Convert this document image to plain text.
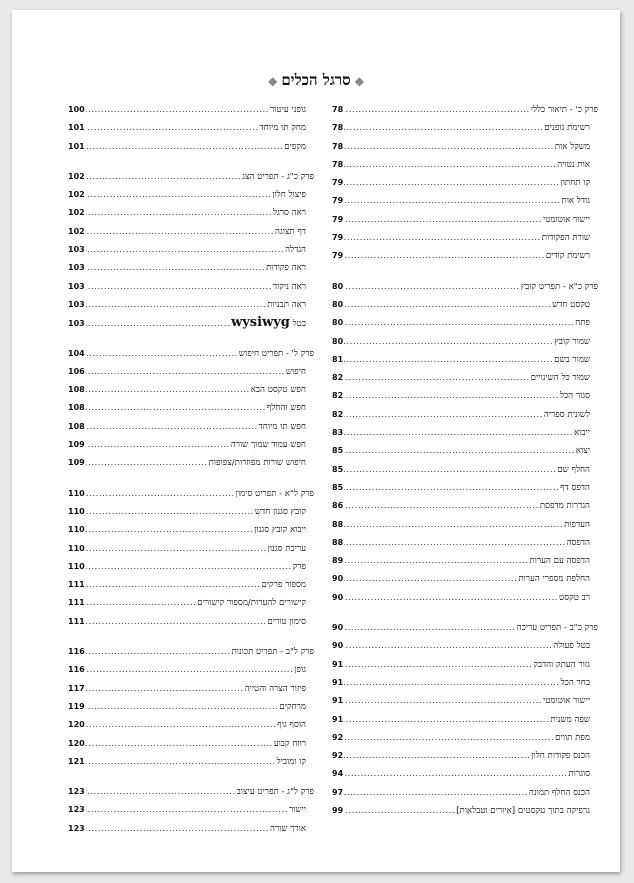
◆סרגל הכלים◆
פרק כ' - תיאור כללי
.....
78
רשימת גופנים
.....
78
משקל אות
.....
78
אות נטויה
.....
78
קו תחתון
.....
79
גודל אות
.....
79
יישור אוטומטי
.....
79
שורת הפקודות
.....
79
רשימת קודים
.....
79
פרק כ"א - תפריט קובץ
.....
80
טקסט חדש
.....
80
פתח
.....
80
שמור קובץ
.....
80
שמור בשם
.....
81
שמור כל השינויים
.....
82
סגור הכל
.....
82
לשונית ספריה
.....
82
ייבוא
.....
83
יצוא
.....
85
החלף שם
.....
85
הדפס דף
.....
85
הגדרות מדפסת
.....
86
העדפות
.....
88
הדפסה
.....
88
הדפסה עם הערות
.....
89
החלפת מספרי הערות
.....
90
רב טקסט
.....
90
פרק כ"ב - תפריט עריכה
.....
90
בטל פעולה
.....
90
גזור העתק והדבק
.....
91
בחר הכל
.....
91
יישור אוטומטי
.....
91
שפה משנית
.....
91
מפת תווים
.....
92
הכנס פקודות חלון
.....
92
סוגרות
.....
94
הכנס החלף תמונה
.....
97
גרפיקה בתוך טקסטים [איורים וטבלאות]
.....
99
גופני עיטור
.....
100
מחק תו מיוחד
.....
101
מקפים
.....
101
פרק כ"ג - תפריט הצג
.....
102
פיצול חלון
.....
102
ראה סרגל
.....
102
דף תצוגה
.....
102
הגדלה
.....
103
ראה פקודות
.....
103
ראה ניקוד
.....
103
ראה תבניות
.....
103
בטל wysiwyg
.....
103
פרק ל' - תפריט חיפוש
.....
104
חיפוש
.....
106
חפש טקסט הבא
.....
108
חפש והחלף
.....
108
חפש תו מיוחד
.....
108
חפש עמוד שמוך שורה
.....
109
חיפוש שורות מפוזרות/צפופות
.....
109
פרק ל"א - תפריט סימון
.....
110
קובץ סגנון חדש
.....
110
ייבוא קובץ סגנון
.....
110
עריכת סגנון
.....
110
פרק
.....
110
מספור פרקים
.....
111
קישורים להערות/מספור קישורים
.....
111
סימון טורים
.....
111
פרק ל"ב - תפריט תכונות
.....
116
גופן
.....
116
פיזור הצרה והטייה
.....
117
מרחקים
.....
119
הוסף גוף
.....
120
רווח קבוע
.....
120
קו ומוביל
.....
121
פרק ל"ג - תפריט עיצוב
.....
123
יישור
.....
123
אורך שורה
.....
123
